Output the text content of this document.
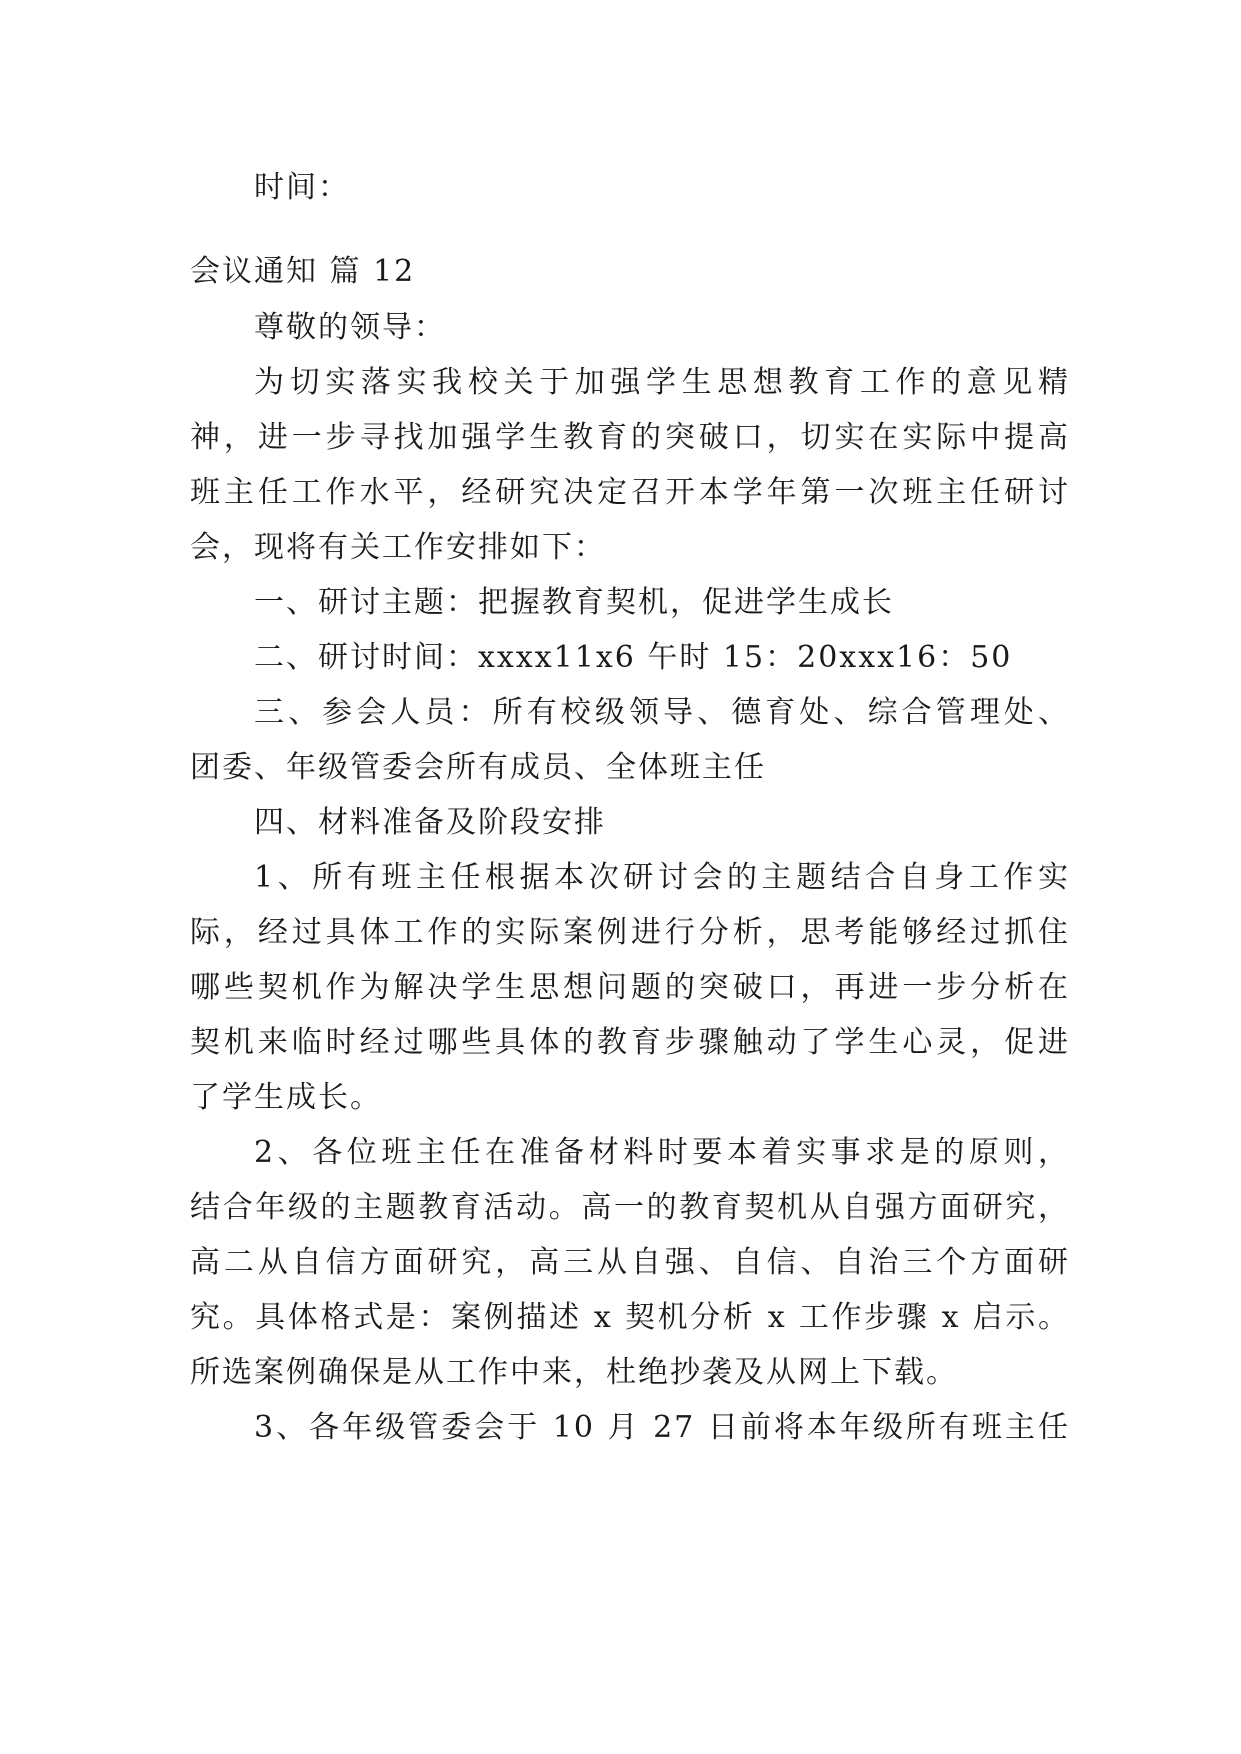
时间：
会议通知 篇 12
尊敬的领导：
为切实落实我校关于加强学生思想教育工作的意见精
神，进一步寻找加强学生教育的突破口，切实在实际中提高
班主任工作水平，经研究决定召开本学年第一次班主任研讨
会，现将有关工作安排如下：
一、研讨主题：把握教育契机，促进学生成长
二、研讨时间：xxxx11x6 午时 15：20xxx16：50
三、参会人员：所有校级领导、德育处、综合管理处、
团委、年级管委会所有成员、全体班主任
四、材料准备及阶段安排
1、所有班主任根据本次研讨会的主题结合自身工作实
际，经过具体工作的实际案例进行分析，思考能够经过抓住
哪些契机作为解决学生思想问题的突破口，再进一步分析在
契机来临时经过哪些具体的教育步骤触动了学生心灵，促进
了学生成长。
2、各位班主任在准备材料时要本着实事求是的原则，
结合年级的主题教育活动。高一的教育契机从自强方面研究，
高二从自信方面研究，高三从自强、自信、自治三个方面研
究。具体格式是：案例描述 x 契机分析 x 工作步骤 x 启示。
所选案例确保是从工作中来，杜绝抄袭及从网上下载。
3、各年级管委会于 10 月 27 日前将本年级所有班主任
